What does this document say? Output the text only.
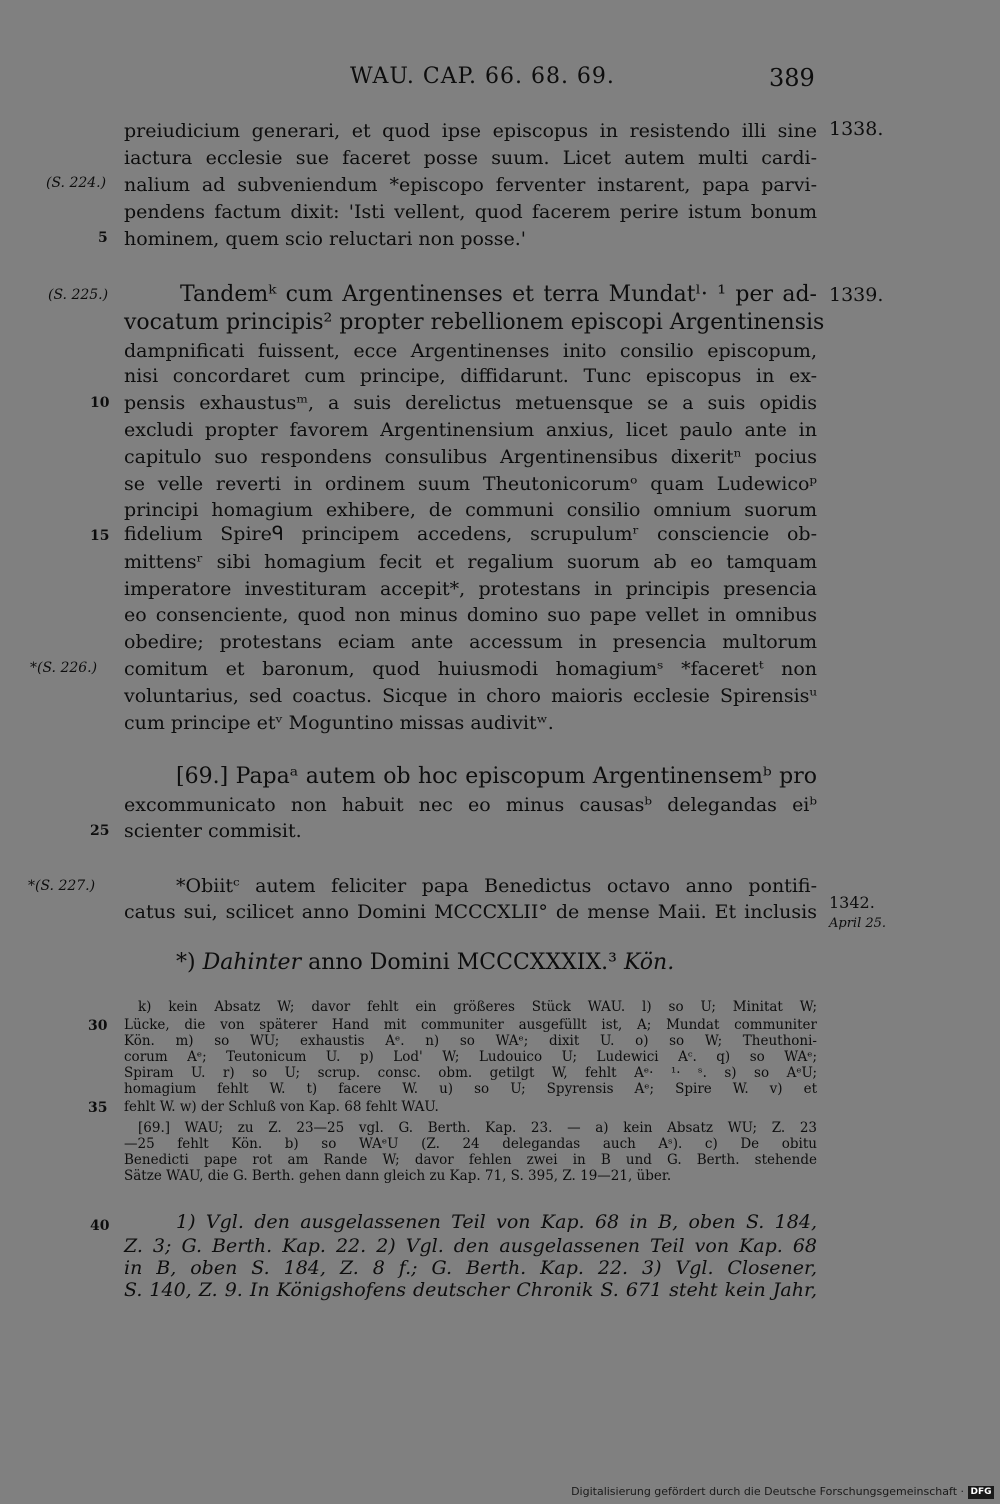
WAU. CAP. 66. 68. 69.	389
preiudicium generari, et quod ipse episcopus in resistendo illi sine 1338.
iactura ecclesie sue faceret posse suum. Licet autem multi cardi-
(S. 224.) nalium ad subveniendum *episcopo ferventer instarent, papa parvi-
pendens factum dixit: 'Isti vellent, quod facerem perire istum bonum
5 hominem, quem scio reluctari non posse.'
(S. 225.)	Tandemᵏ cum Argentinenses et terra Mundatˡ· ¹ per ad- 1339.
vocatum principis² propter rebellionem episcopi Argentinensis
dampnificati fuissent, ecce Argentinenses inito consilio episcopum,
nisi concordaret cum principe, diffidarunt. Tunc episcopus in ex-
10 pensis exhaustusᵐ, a suis derelictus metuensque se a suis opidis
excludi propter favorem Argentinensium anxius, licet paulo ante in
capitulo suo respondens consulibus Argentinensibus dixeritⁿ pocius
se velle reverti in ordinem suum Theutonicorumᵒ quam Ludewicoᵖ
principi homagium exhibere, de communi consilio omnium suorum
15 fidelium Spireᑫ principem accedens, scrupulumʳ consciencie ob-
mittensʳ sibi homagium fecit et regalium suorum ab eo tamquam
imperatore investituram accepit*, protestans in principis presencia
eo consenciente, quod non minus domino suo pape vellet in omnibus
obedire; protestans eciam ante accessum in presencia multorum
*(S. 226.) comitum et baronum, quod huiusmodi homagiumˢ *faceretᵗ non
voluntarius, sed coactus. Sicque in choro maioris ecclesie Spirensisᵘ
cum principe etᵛ Moguntino missas audivitʷ.
[69.] Papaᵃ autem ob hoc episcopum Argentinensemᵇ pro
excommunicato non habuit nec eo minus causasᵇ delegandas eiᵇ
25 scienter commisit.
*(S. 227.)	*Obiitᶜ autem feliciter papa Benedictus octavo anno pontifi-
catus sui, scilicet anno Domini MCCCXLII° de mense Maii. Et inclusis 1342.
April 25.
*) Dahinter anno Domini MCCCXXXIX.³ Kön.
k) kein Absatz W; davor fehlt ein größeres Stück WAU. l) so U; Minitat W;
30 Lücke, die von späterer Hand mit communiter ausgefüllt ist, A; Mundat communiter
Kön. m) so WU; exhaustis Aᵉ. n) so WAᵉ; dixit U. o) so W; Theuthoni-
corum Aᵉ; Teutonicum U. p) Lod' W; Ludouico U; Ludewici Aᶜ. q) so WAᵉ;
Spiram U. r) so U; scrup. consc. obm. getilgt W, fehlt Aᵉ· ¹· ˢ. s) so AᵉU;
homagium fehlt W. t) facere W. u) so U; Spyrensis Aᵉ; Spire W. v) et
35 fehlt W. w) der Schluß von Kap. 68 fehlt WAU.
[69.] WAU; zu Z. 23—25 vgl. G. Berth. Kap. 23. — a) kein Absatz WU; Z. 23
—25 fehlt Kön. b) so WAᵉU (Z. 24 delegandas auch Aˢ). c) De obitu
Benedicti pape rot am Rande W; davor fehlen zwei in B und G. Berth. stehende
Sätze WAU, die G. Berth. gehen dann gleich zu Kap. 71, S. 395, Z. 19—21, über.
40	1) Vgl. den ausgelassenen Teil von Kap. 68 in B, oben S. 184,
Z. 3; G. Berth. Kap. 22. 2) Vgl. den ausgelassenen Teil von Kap. 68
in B, oben S. 184, Z. 8 f.; G. Berth. Kap. 22. 3) Vgl. Closener,
S. 140, Z. 9. In Königshofens deutscher Chronik S. 671 steht kein Jahr,
Digitalisierung gefördert durch die Deutsche Forschungsgemeinschaft · DFG
